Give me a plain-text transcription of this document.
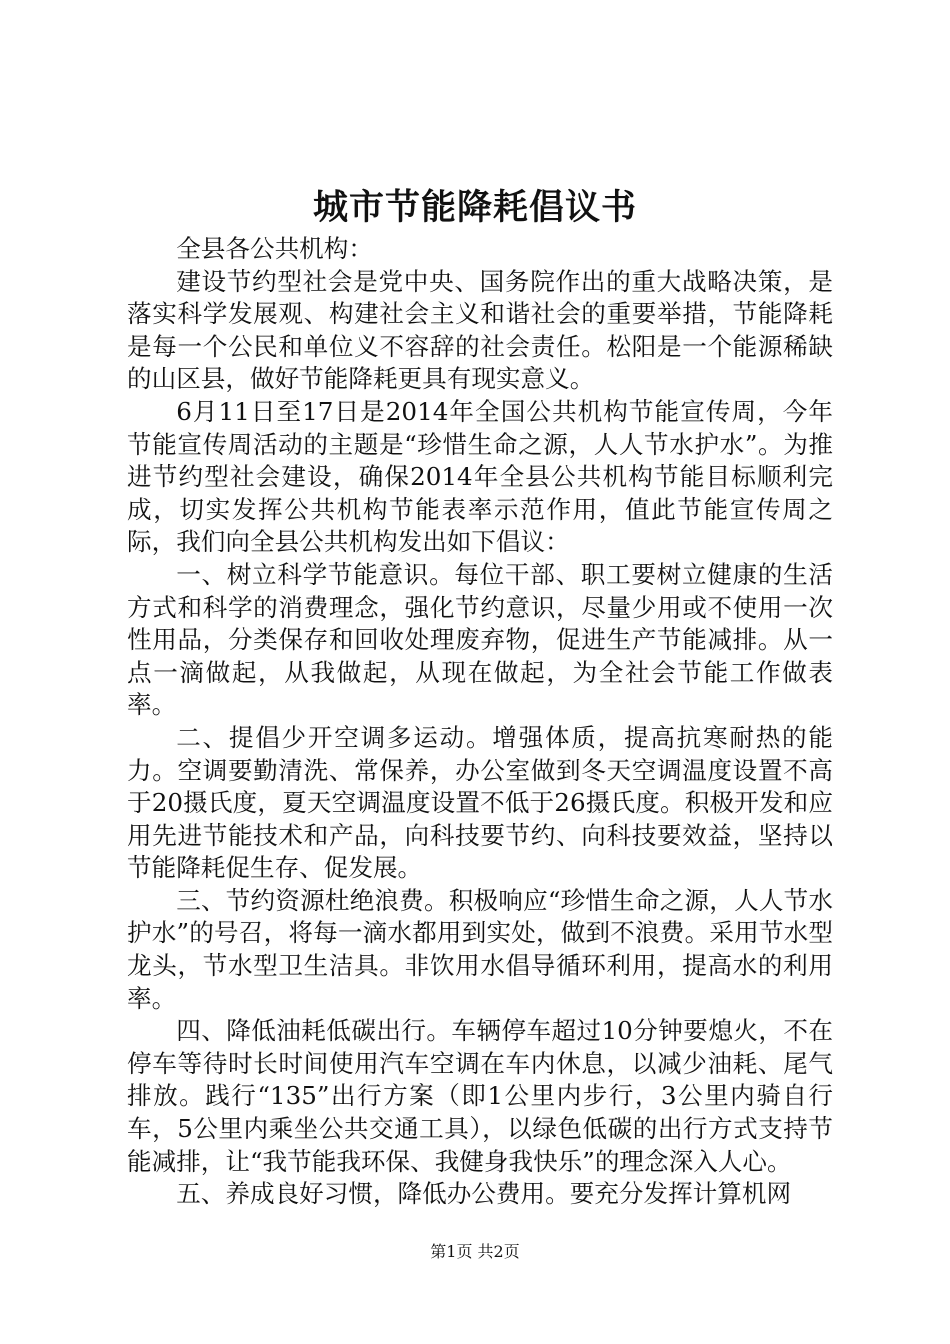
城市节能降耗倡议书

全县各公共机构：

建设节约型社会是党中央、国务院作出的重大战略决策，是落实科学发展观、构建社会主义和谐社会的重要举措，节能降耗是每一个公民和单位义不容辞的社会责任。松阳是一个能源稀缺的山区县，做好节能降耗更具有现实意义。

6月11日至17日是2014年全国公共机构节能宣传周，今年节能宣传周活动的主题是“珍惜生命之源，人人节水护水”。为推进节约型社会建设，确保2014年全县公共机构节能目标顺利完成，切实发挥公共机构节能表率示范作用，值此节能宣传周之际，我们向全县公共机构发出如下倡议：

一、树立科学节能意识。每位干部、职工要树立健康的生活方式和科学的消费理念，强化节约意识，尽量少用或不使用一次性用品，分类保存和回收处理废弃物，促进生产节能减排。从一点一滴做起，从我做起，从现在做起，为全社会节能工作做表率。

二、提倡少开空调多运动。增强体质，提高抗寒耐热的能力。空调要勤清洗、常保养，办公室做到冬天空调温度设置不高于20摄氏度，夏天空调温度设置不低于26摄氏度。积极开发和应用先进节能技术和产品，向科技要节约、向科技要效益，坚持以节能降耗促生存、促发展。

三、节约资源杜绝浪费。积极响应“珍惜生命之源，人人节水护水”的号召，将每一滴水都用到实处，做到不浪费。采用节水型龙头，节水型卫生洁具。非饮用水倡导循环利用，提高水的利用率。

四、降低油耗低碳出行。车辆停车超过10分钟要熄火，不在停车等待时长时间使用汽车空调在车内休息，以减少油耗、尾气排放。践行“135”出行方案（即1公里内步行，3公里内骑自行车，5公里内乘坐公共交通工具），以绿色低碳的出行方式支持节能减排，让“我节能我环保、我健身我快乐”的理念深入人心。

五、养成良好习惯，降低办公费用。要充分发挥计算机网

第1页 共2页
